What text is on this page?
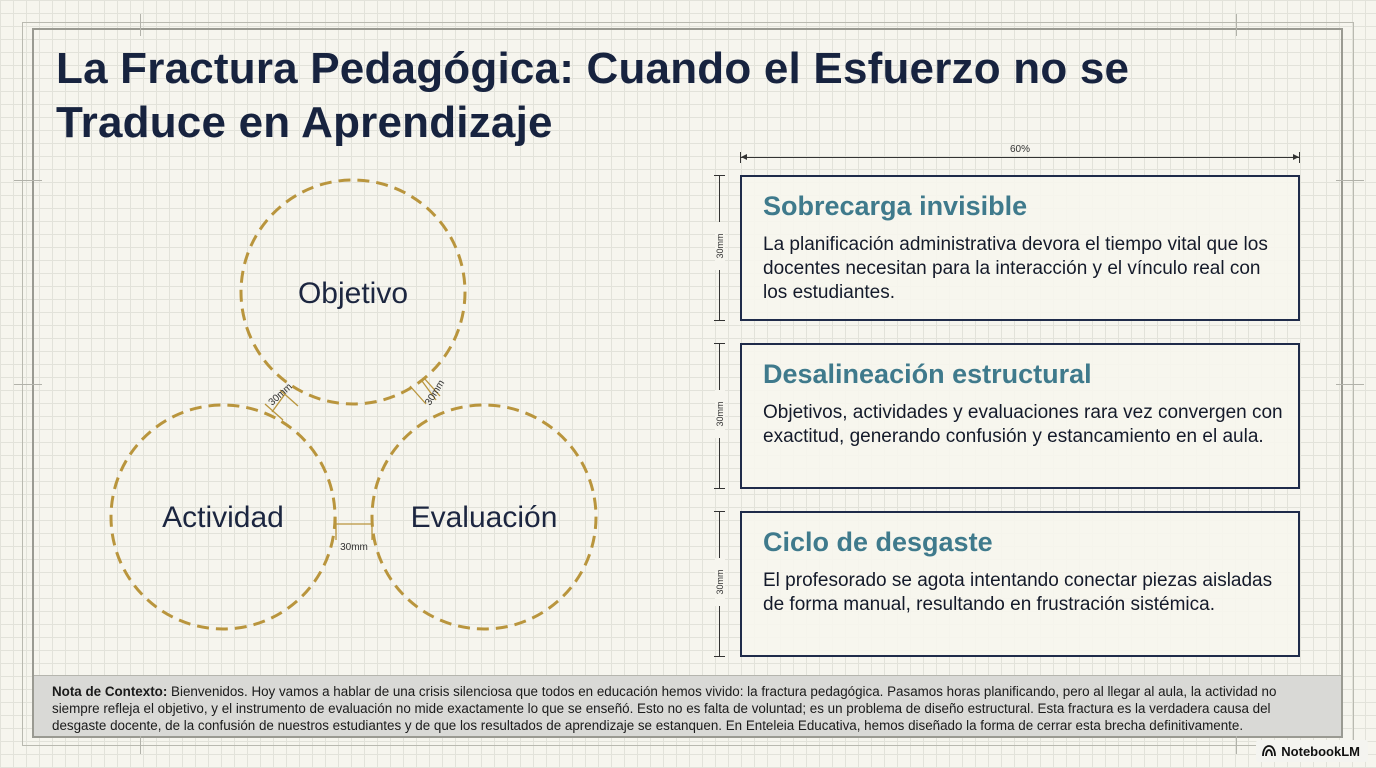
La Fractura Pedagógica: Cuando el Esfuerzo no se Traduce en Aprendizaje
Objetivo
Actividad	Evaluación
30mm	30mm
30mm
60%
30mm
Sobrecarga invisible

La planificación administrativa devora el tiempo vital que los docentes necesitan para la interacción y el vínculo real con los estudiantes.

30mm
Desalineación estructural

Objetivos, actividades y evaluaciones rara vez convergen con exactitud, generando confusión y estancamiento en el aula.

30mm
Ciclo de desgaste

El profesorado se agota intentando conectar piezas aisladas de forma manual, resultando en frustración sistémica.

Nota de Contexto: Bienvenidos. Hoy vamos a hablar de una crisis silenciosa que todos en educación hemos vivido: la fractura pedagógica. Pasamos horas planificando, pero al llegar al aula, la actividad no siempre refleja el objetivo, y el instrumento de evaluación no mide exactamente lo que se enseñó. Esto no es falta de voluntad; es un problema de diseño estructural. Esta fractura es la verdadera causa del desgaste docente, de la confusión de nuestros estudiantes y de que los resultados de aprendizaje se estanquen. En Enteleia Educativa, hemos diseñado la forma de cerrar esta brecha definitivamente.
NotebookLM
